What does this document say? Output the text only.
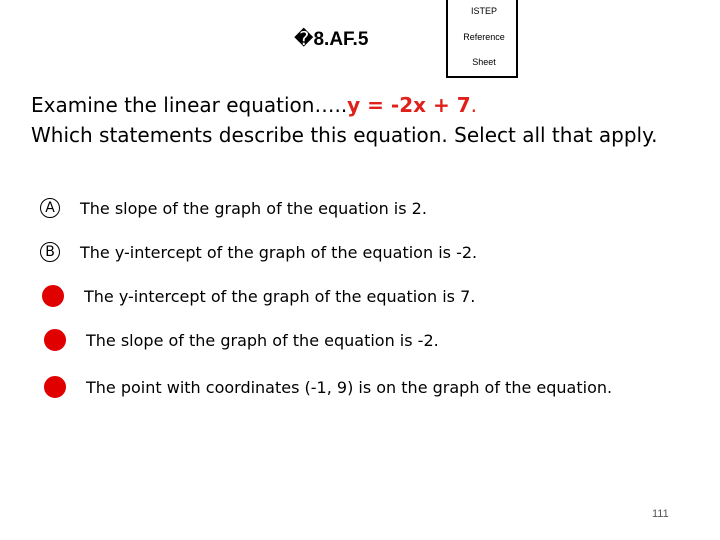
�8.AF.5
ISTEP
Reference
Sheet
Examine the linear equation…..y = -2x + 7.
Which statements describe this equation. Select all that apply.
A	The slope of the graph of the equation is 2.
B	The y-intercept of the graph of the equation is -2.
The y-intercept of the graph of the equation is 7.
The slope of the graph of the equation is -2.
The point with coordinates (-1, 9) is on the graph of the equation.
111
